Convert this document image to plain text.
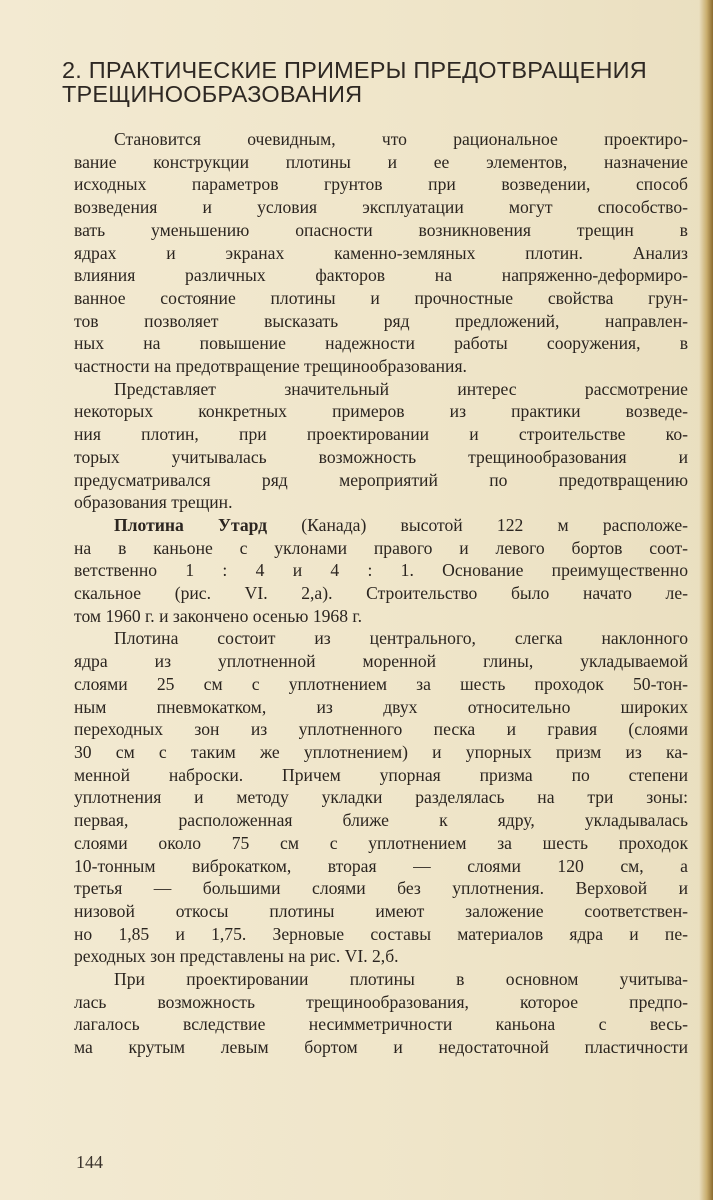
2. ПРАКТИЧЕСКИЕ ПРИМЕРЫ ПРЕДОТВРАЩЕНИЯ
ТРЕЩИНООБРАЗОВАНИЯ
Становится очевидным, что рациональное проектиро-
вание конструкции плотины и ее элементов, назначение
исходных параметров грунтов при возведении, способ
возведения и условия эксплуатации могут способство-
вать уменьшению опасности возникновения трещин в
ядрах и экранах каменно-земляных плотин. Анализ
влияния различных факторов на напряженно-деформиро-
ванное состояние плотины и прочностные свойства грун-
тов позволяет высказать ряд предложений, направлен-
ных на повышение надежности работы сооружения, в
частности на предотвращение трещинообразования.
Представляет значительный интерес рассмотрение
некоторых конкретных примеров из практики возведе-
ния плотин, при проектировании и строительстве ко-
торых учитывалась возможность трещинообразования и
предусматривался ряд мероприятий по предотвращению
образования трещин.
Плотина Утард (Канада) высотой 122 м расположе-
на в каньоне с уклонами правого и левого бортов соот-
ветственно 1 : 4 и 4 : 1. Основание преимущественно
скальное (рис. VI. 2,а). Строительство было начато ле-
том 1960 г. и закончено осенью 1968 г.
Плотина состоит из центрального, слегка наклонного
ядра из уплотненной моренной глины, укладываемой
слоями 25 см с уплотнением за шесть проходок 50-тон-
ным пневмокатком, из двух относительно широких
переходных зон из уплотненного песка и гравия (слоями
30 см с таким же уплотнением) и упорных призм из ка-
менной наброски. Причем упорная призма по степени
уплотнения и методу укладки разделялась на три зоны:
первая, расположенная ближе к ядру, укладывалась
слоями около 75 см с уплотнением за шесть проходок
10-тонным виброкатком, вторая — слоями 120 см, а
третья — большими слоями без уплотнения. Верховой и
низовой откосы плотины имеют заложение соответствен-
но 1,85 и 1,75. Зерновые составы материалов ядра и пе-
реходных зон представлены на рис. VI. 2,б.
При проектировании плотины в основном учитыва-
лась возможность трещинообразования, которое предпо-
лагалось вследствие несимметричности каньона с весь-
ма крутым левым бортом и недостаточной пластичности
144
